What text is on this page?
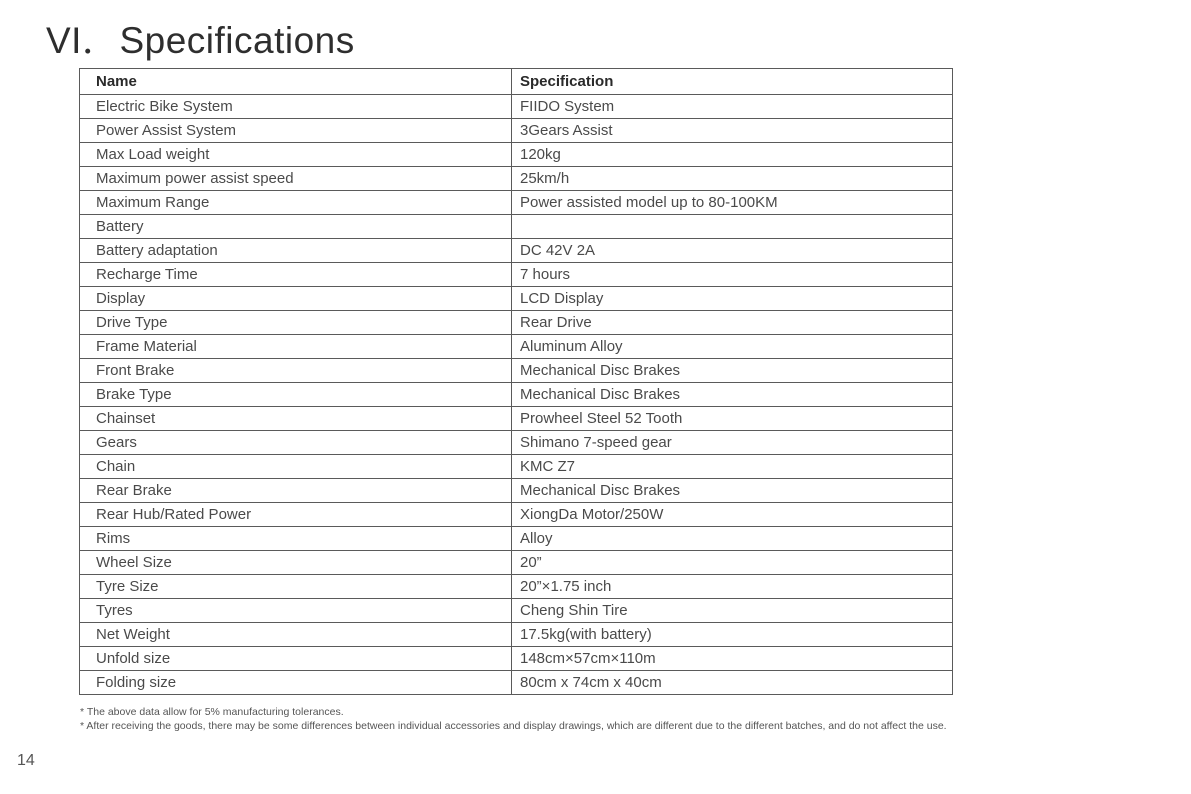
VI．Specifications
Name	Specification
Electric Bike System	FIIDO System
Power Assist System	3Gears Assist
Max Load weight	120kg
Maximum power assist speed	25km/h
Maximum Range	Power assisted model up to 80-100KM
Battery	
Battery adaptation	DC 42V 2A
Recharge Time	7 hours
Display	LCD Display
Drive Type	Rear Drive
Frame Material	Aluminum Alloy
Front Brake	Mechanical Disc Brakes
Brake Type	Mechanical Disc Brakes
Chainset	Prowheel Steel 52 Tooth
Gears	Shimano 7-speed gear
Chain	KMC Z7
Rear Brake	Mechanical Disc Brakes
Rear Hub/Rated Power	XiongDa Motor/250W
Rims	Alloy
Wheel Size	20”
Tyre Size	20”×1.75 inch
Tyres	Cheng Shin Tire
Net Weight	17.5kg(with battery)
Unfold size	148cm×57cm×110m
Folding size	80cm x 74cm x 40cm
* The above data allow for 5% manufacturing tolerances.
* After receiving the goods, there may be some differences between individual accessories and display drawings, which are different due to the different batches, and do not affect the use.
14
